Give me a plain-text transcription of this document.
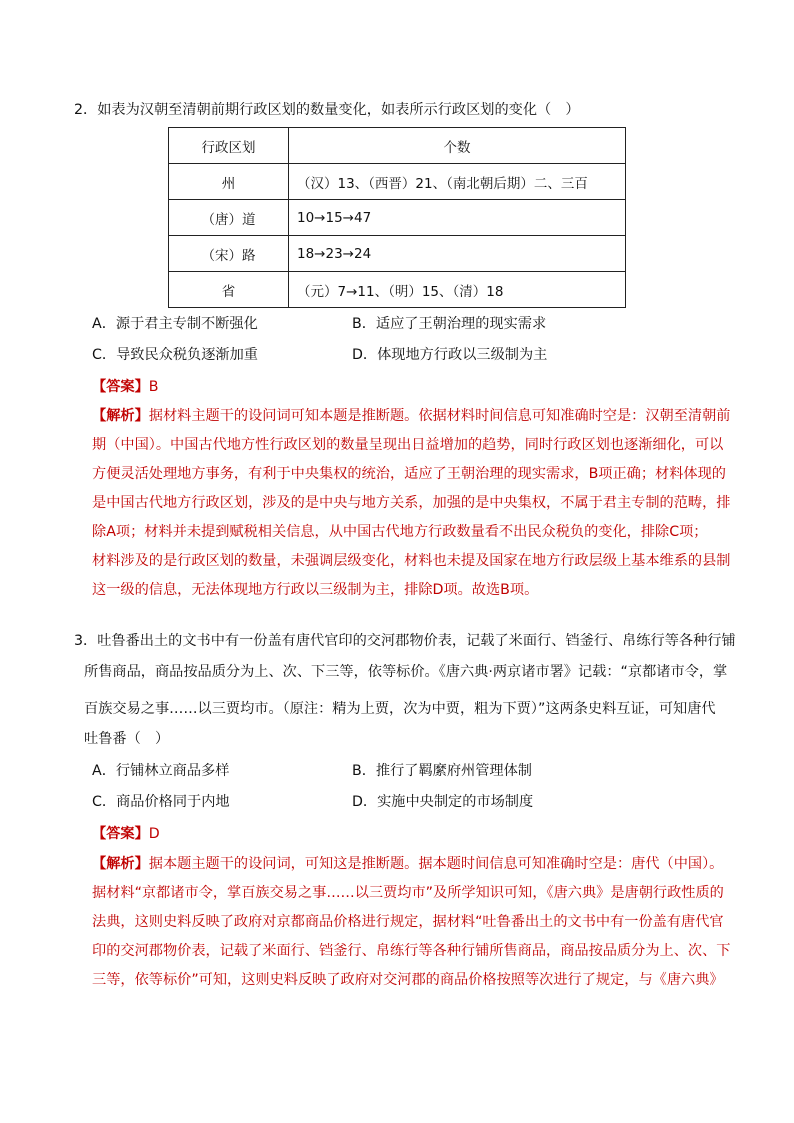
2．如表为汉朝至清朝前期行政区划的数量变化，如表所示行政区划的变化（　）
行政区划	个数
州	（汉）13、（西晋）21、（南北朝后期）二、三百
（唐）道	10→15→47
（宋）路	18→23→24
省	（元）7→11、（明）15、（清）18
A．源于君主专制不断强化	B．适应了王朝治理的现实需求
C．导致民众税负逐渐加重	D．体现地方行政以三级制为主
【答案】B
【解析】据材料主题干的设问词可知本题是推断题。依据材料时间信息可知准确时空是：汉朝至清朝前
期（中国）。中国古代地方性行政区划的数量呈现出日益增加的趋势，同时行政区划也逐渐细化，可以
方便灵活处理地方事务，有利于中央集权的统治，适应了王朝治理的现实需求，B项正确；材料体现的
是中国古代地方行政区划，涉及的是中央与地方关系，加强的是中央集权，不属于君主专制的范畴，排
除A项；材料并未提到赋税相关信息，从中国古代地方行政数量看不出民众税负的变化，排除C项；
材料涉及的是行政区划的数量，未强调层级变化，材料也未提及国家在地方行政层级上基本维系的县制
这一级的信息，无法体现地方行政以三级制为主，排除D项。故选B项。
3．吐鲁番出土的文书中有一份盖有唐代官印的交河郡物价表，记载了米面行、铛釜行、帛练行等各种行铺
所售商品，商品按品质分为上、次、下三等，依等标价。《唐六典·两京诸市署》记载：“京都诸市令，掌
百族交易之事……以三贾均市。（原注：精为上贾，次为中贾，粗为下贾）”这两条史料互证，可知唐代
吐鲁番（　）
A．行铺林立商品多样	B．推行了羁縻府州管理体制
C．商品价格同于内地	D．实施中央制定的市场制度
【答案】D
【解析】据本题主题干的设问词，可知这是推断题。据本题时间信息可知准确时空是：唐代（中国）。
据材料“京都诸市令，掌百族交易之事……以三贾均市”及所学知识可知，《唐六典》是唐朝行政性质的
法典，这则史料反映了政府对京都商品价格进行规定，据材料“吐鲁番出土的文书中有一份盖有唐代官
印的交河郡物价表，记载了米面行、铛釜行、帛练行等各种行铺所售商品，商品按品质分为上、次、下
三等，依等标价”可知，这则史料反映了政府对交河郡的商品价格按照等次进行了规定，与《唐六典》
